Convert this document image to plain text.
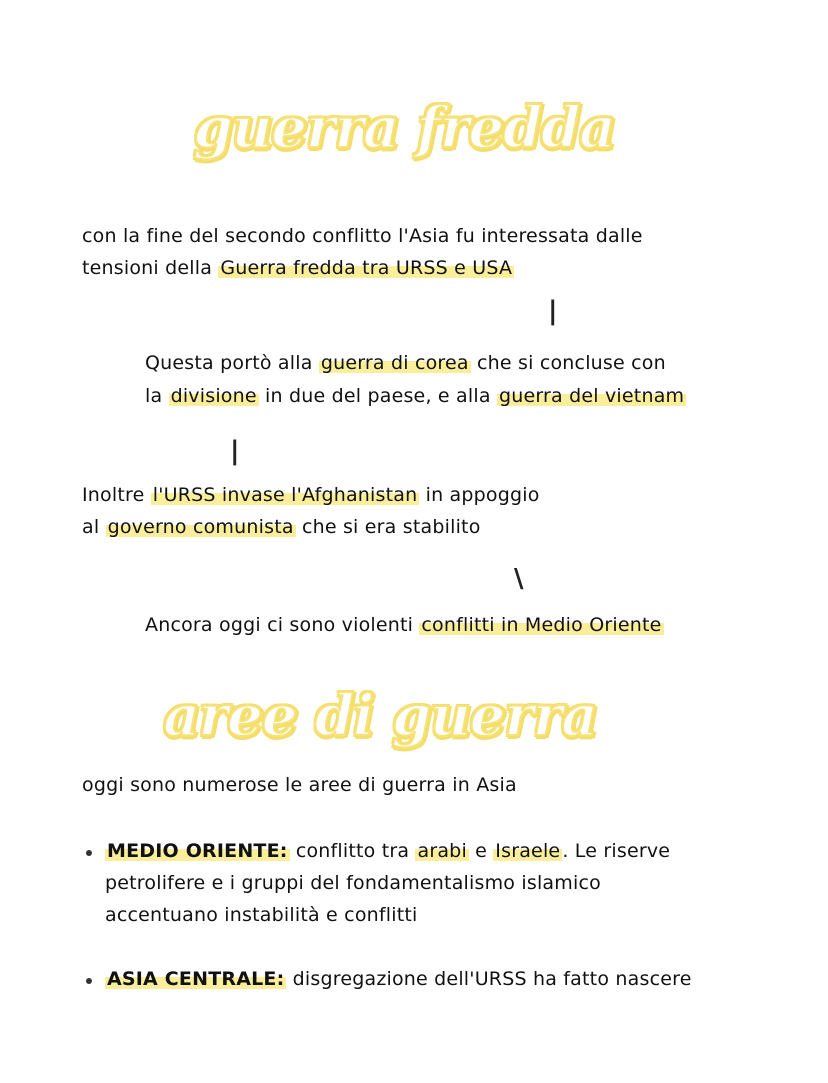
guerra fredda
con la fine del secondo conflitto l'Asia fu interessata dalle
tensioni della Guerra fredda tra URSS e USA
|
Questa portò alla guerra di corea che si concluse con
la divisione in due del paese, e alla guerra del vietnam
|
Inoltre l'URSS invase l'Afghanistan in appoggio
al governo comunista che si era stabilito
\
Ancora oggi ci sono violenti conflitti in Medio Oriente
aree di guerra
oggi sono numerose le aree di guerra in Asia
MEDIO ORIENTE: conflitto tra arabi e Israele . Le riserve
petrolifere e i gruppi del fondamentalismo islamico
accentuano instabilità e conflitti
ASIA CENTRALE: disgregazione dell'URSS ha fatto nascere
